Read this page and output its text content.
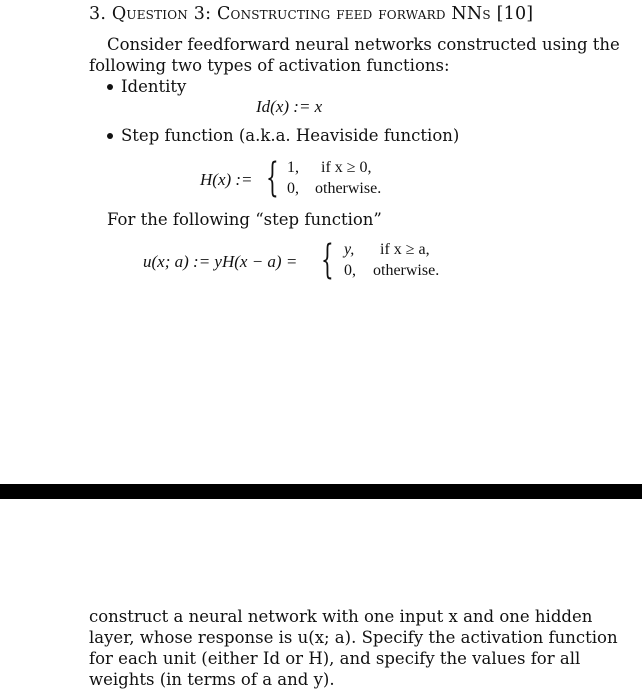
3. Question 3: Constructing feed forward NNs [10]
Consider feedforward neural networks constructed using the
following two types of activation functions:
Identity
Id(x) := x
Step function (a.k.a. Heaviside function)
H(x) := { 1, if x ≥ 0,
0, otherwise.
For the following “step function”
u(x; a) := yH(x − a) = { y, if x ≥ a,
0, otherwise.
construct a neural network with one input x and one hidden
layer, whose response is u(x; a). Specify the activation function
for each unit (either Id or H), and specify the values for all
weights (in terms of a and y).
